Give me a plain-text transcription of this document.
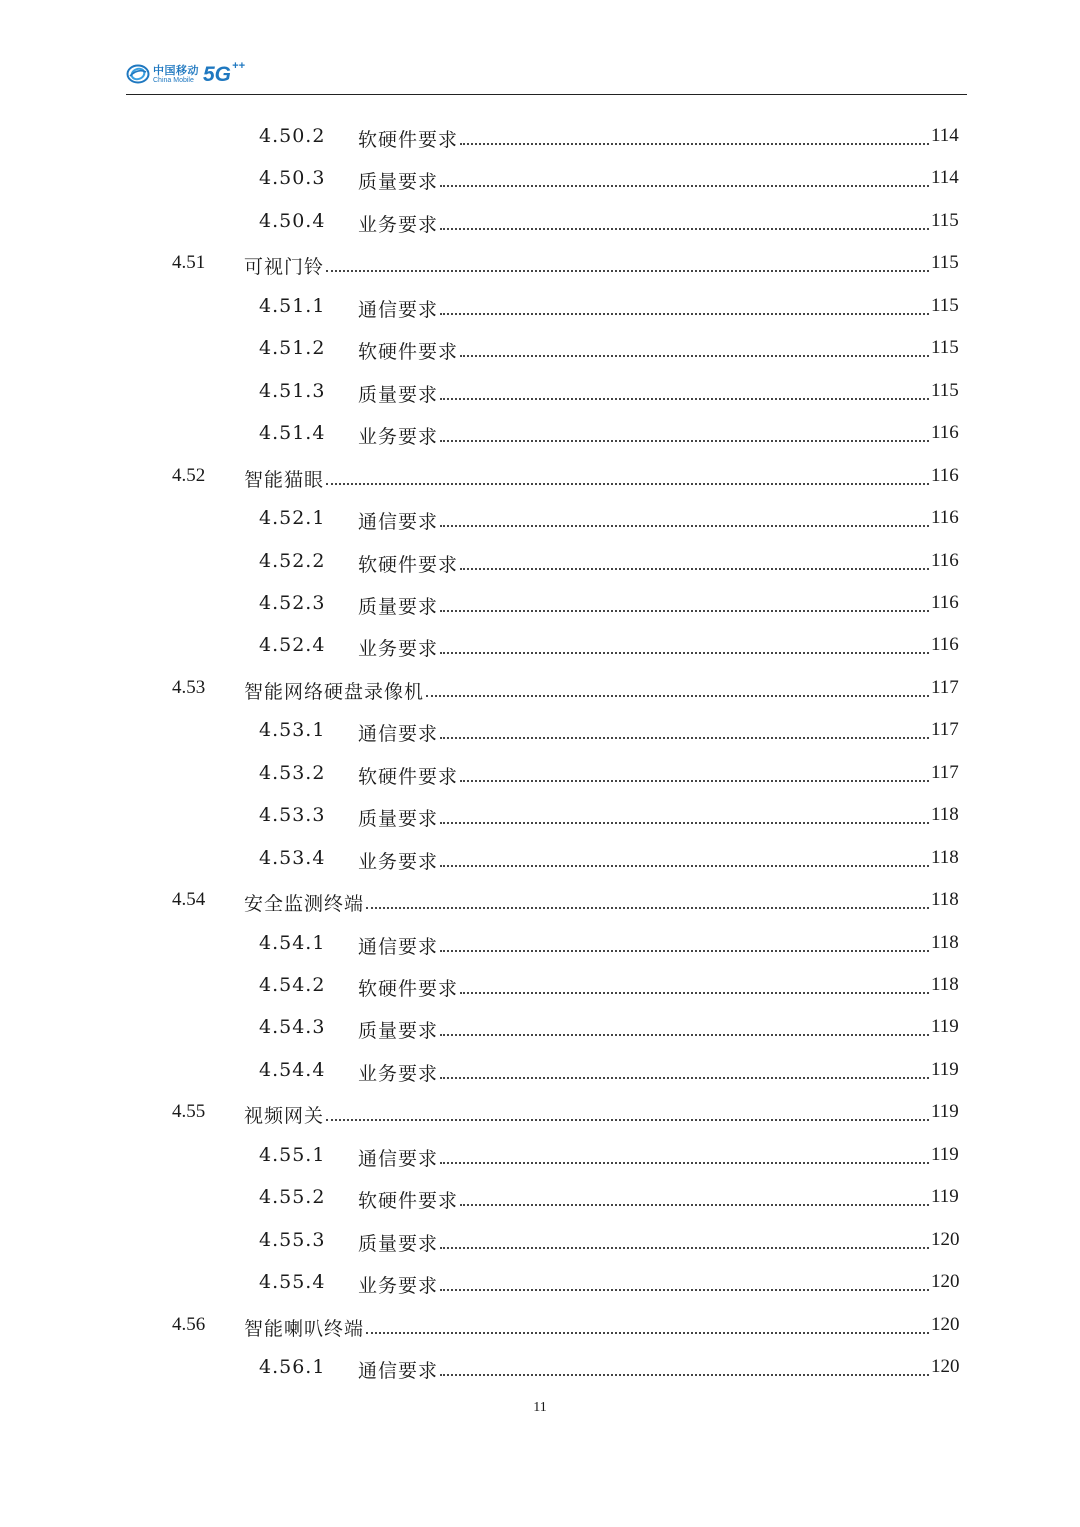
中国移动
China Mobile 5G++
4.50.2 软硬件要求	114
4.50.3 质量要求	114
4.50.4 业务要求	115
4.51 可视门铃	115
4.51.1 通信要求	115
4.51.2 软硬件要求	115
4.51.3 质量要求	115
4.51.4 业务要求	116
4.52 智能猫眼	116
4.52.1 通信要求	116
4.52.2 软硬件要求	116
4.52.3 质量要求	116
4.52.4 业务要求	116
4.53 智能网络硬盘录像机	117
4.53.1 通信要求	117
4.53.2 软硬件要求	117
4.53.3 质量要求	118
4.53.4 业务要求	118
4.54 安全监测终端	118
4.54.1 通信要求	118
4.54.2 软硬件要求	118
4.54.3 质量要求	119
4.54.4 业务要求	119
4.55 视频网关	119
4.55.1 通信要求	119
4.55.2 软硬件要求	119
4.55.3 质量要求	120
4.55.4 业务要求	120
4.56 智能喇叭终端	120
4.56.1 通信要求	120
11
